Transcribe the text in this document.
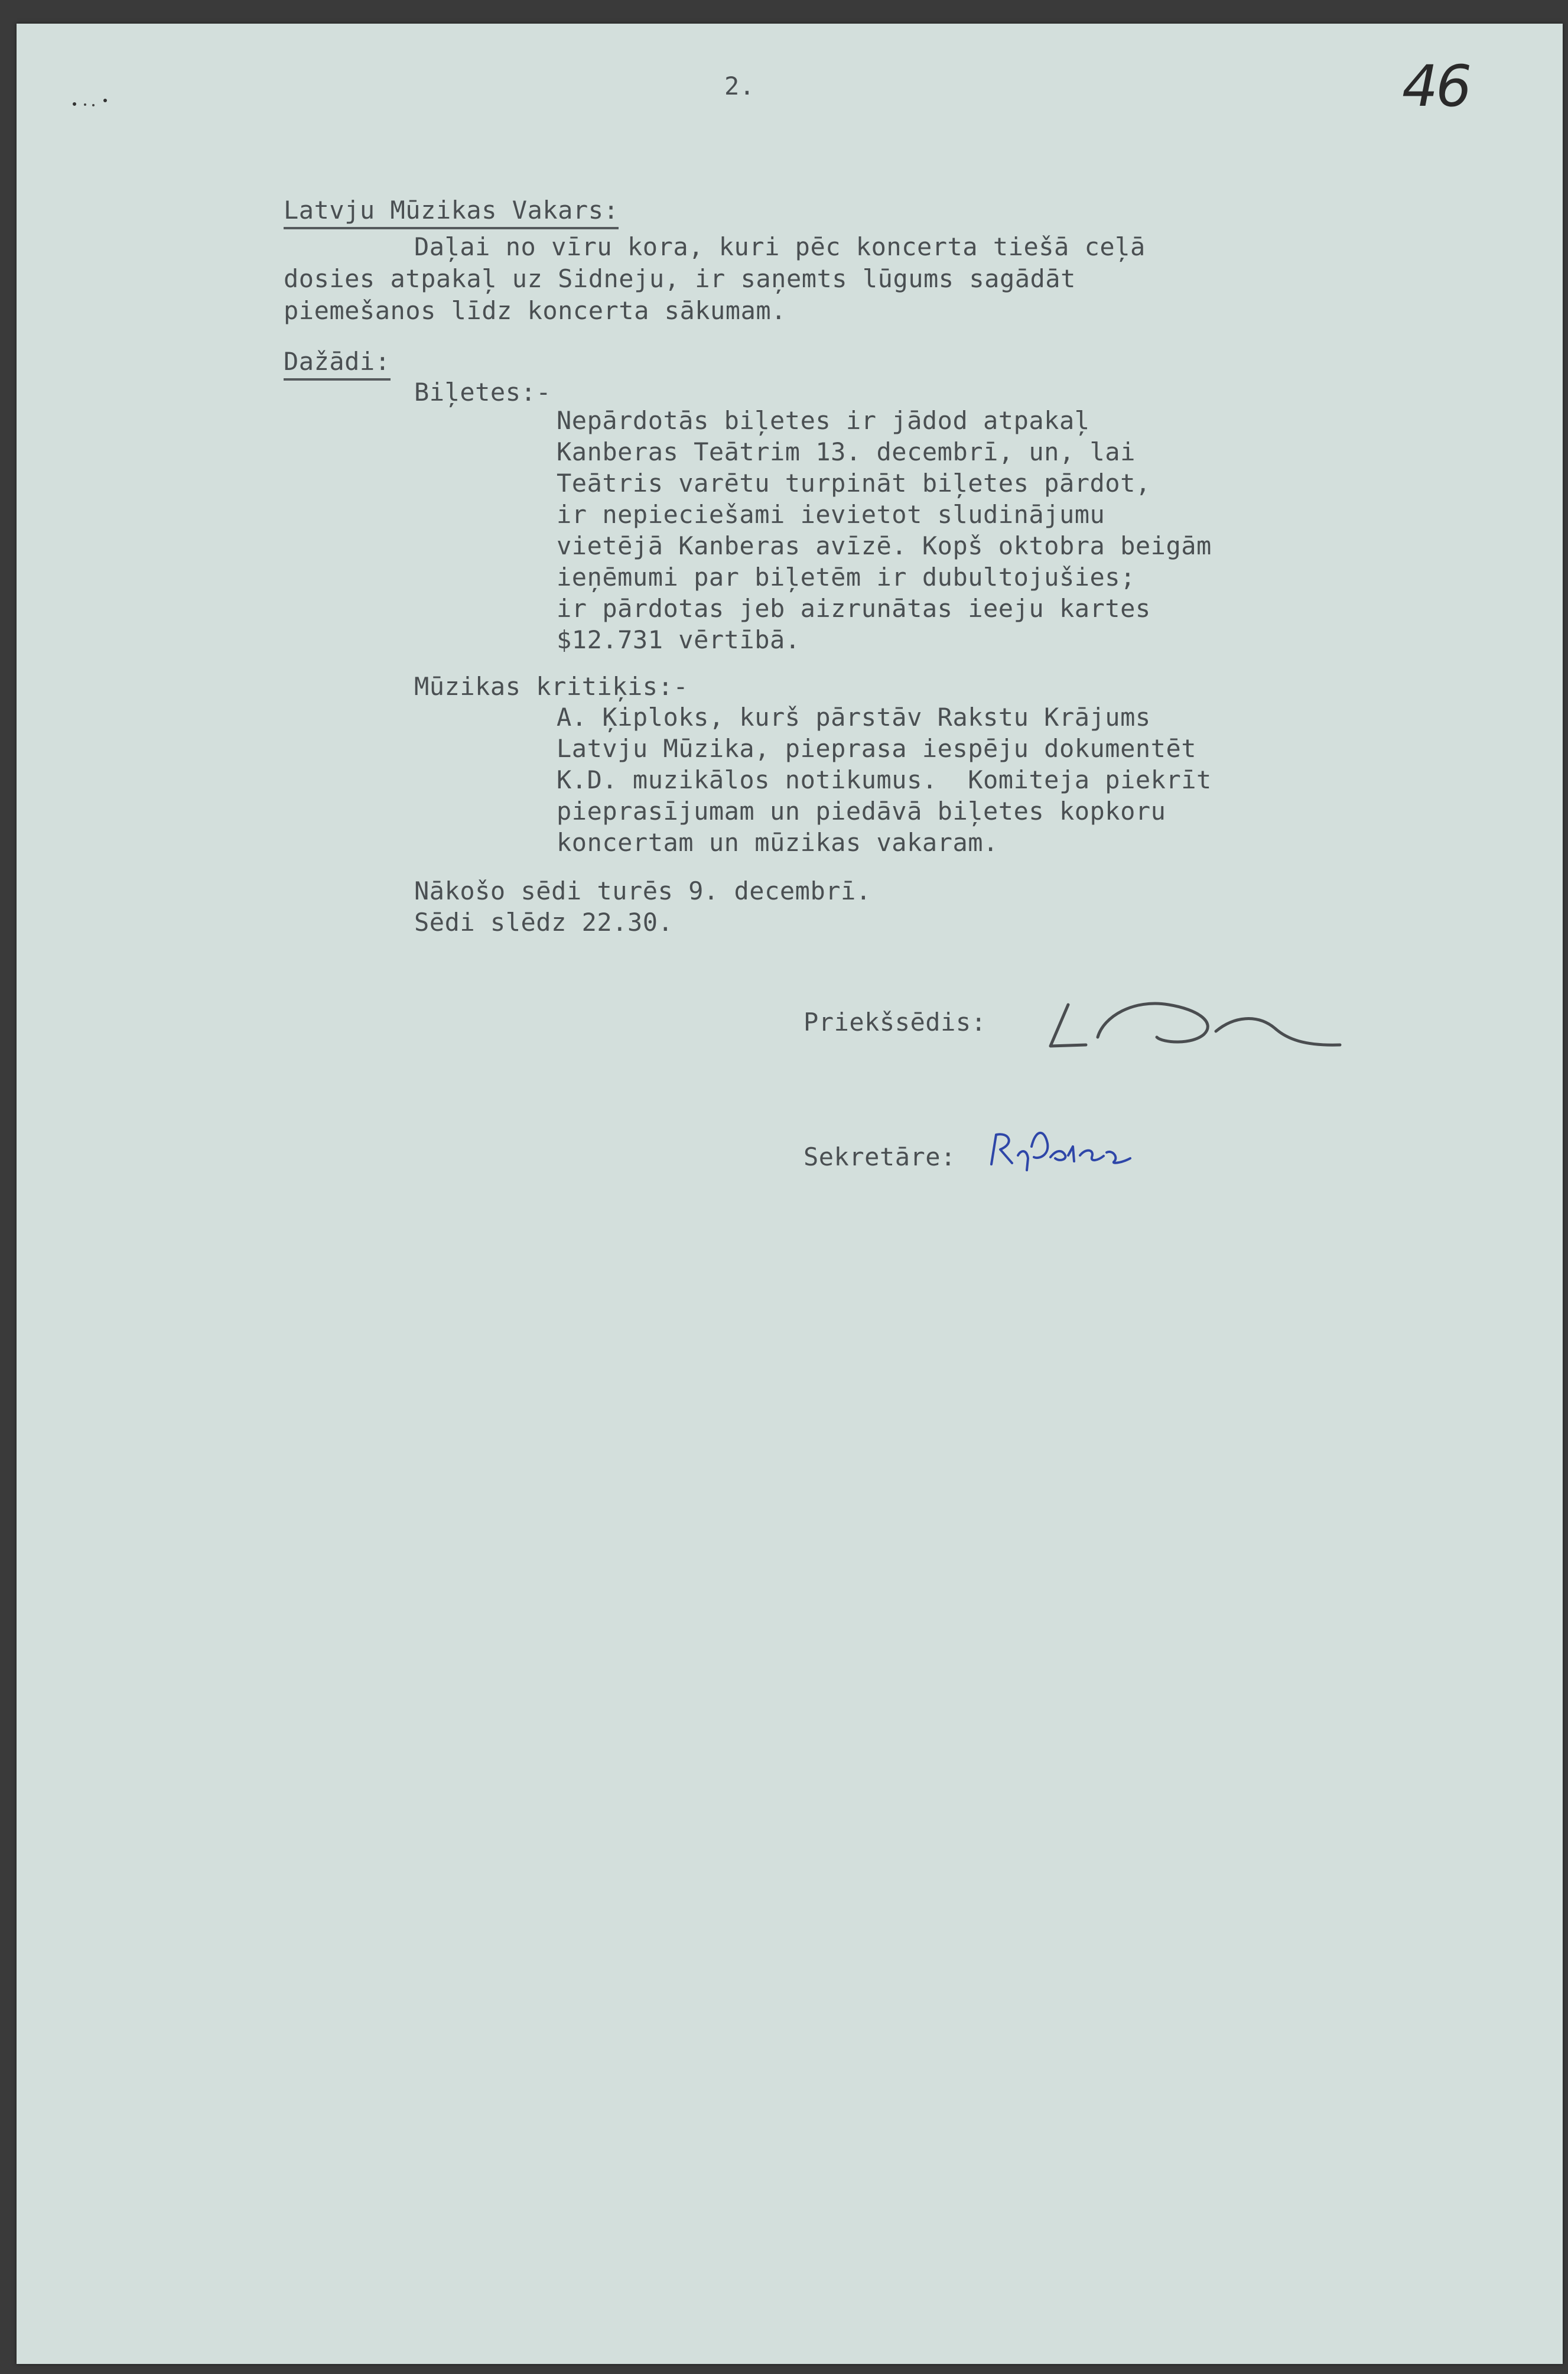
2.	46
Latvju Mūzikas Vakars:
Daļai no vīru kora, kuri pēc koncerta tiešā ceļā
dosies atpakaļ uz Sidneju, ir saņemts lūgums sagādāt
piemešanos līdz koncerta sākumam.
Dažādi:
Biļetes:-
Nepārdotās biļetes ir jādod atpakaļ
Kanberas Teātrim 13. decembrī, un, lai
Teātris varētu turpināt biļetes pārdot,
ir nepieciešami ievietot sludinājumu
vietējā Kanberas avīzē. Kopš oktobra beigām
ieņēmumi par biļetēm ir dubultojušies;
ir pārdotas jeb aizrunātas ieeju kartes
$12.731 vērtībā.
Mūzikas kritiķis:-
A. Ķiploks, kurš pārstāv Rakstu Krājums
Latvju Mūzika, pieprasa iespēju dokumentēt
K.D. muzikālos notikumus.  Komiteja piekrīt
pieprasījumam un piedāvā biļetes kopkoru
koncertam un mūzikas vakaram.
Nākošo sēdi turēs 9. decembrī.
Sēdi slēdz 22.30.
Priekšsēdis:
Sekretāre:
